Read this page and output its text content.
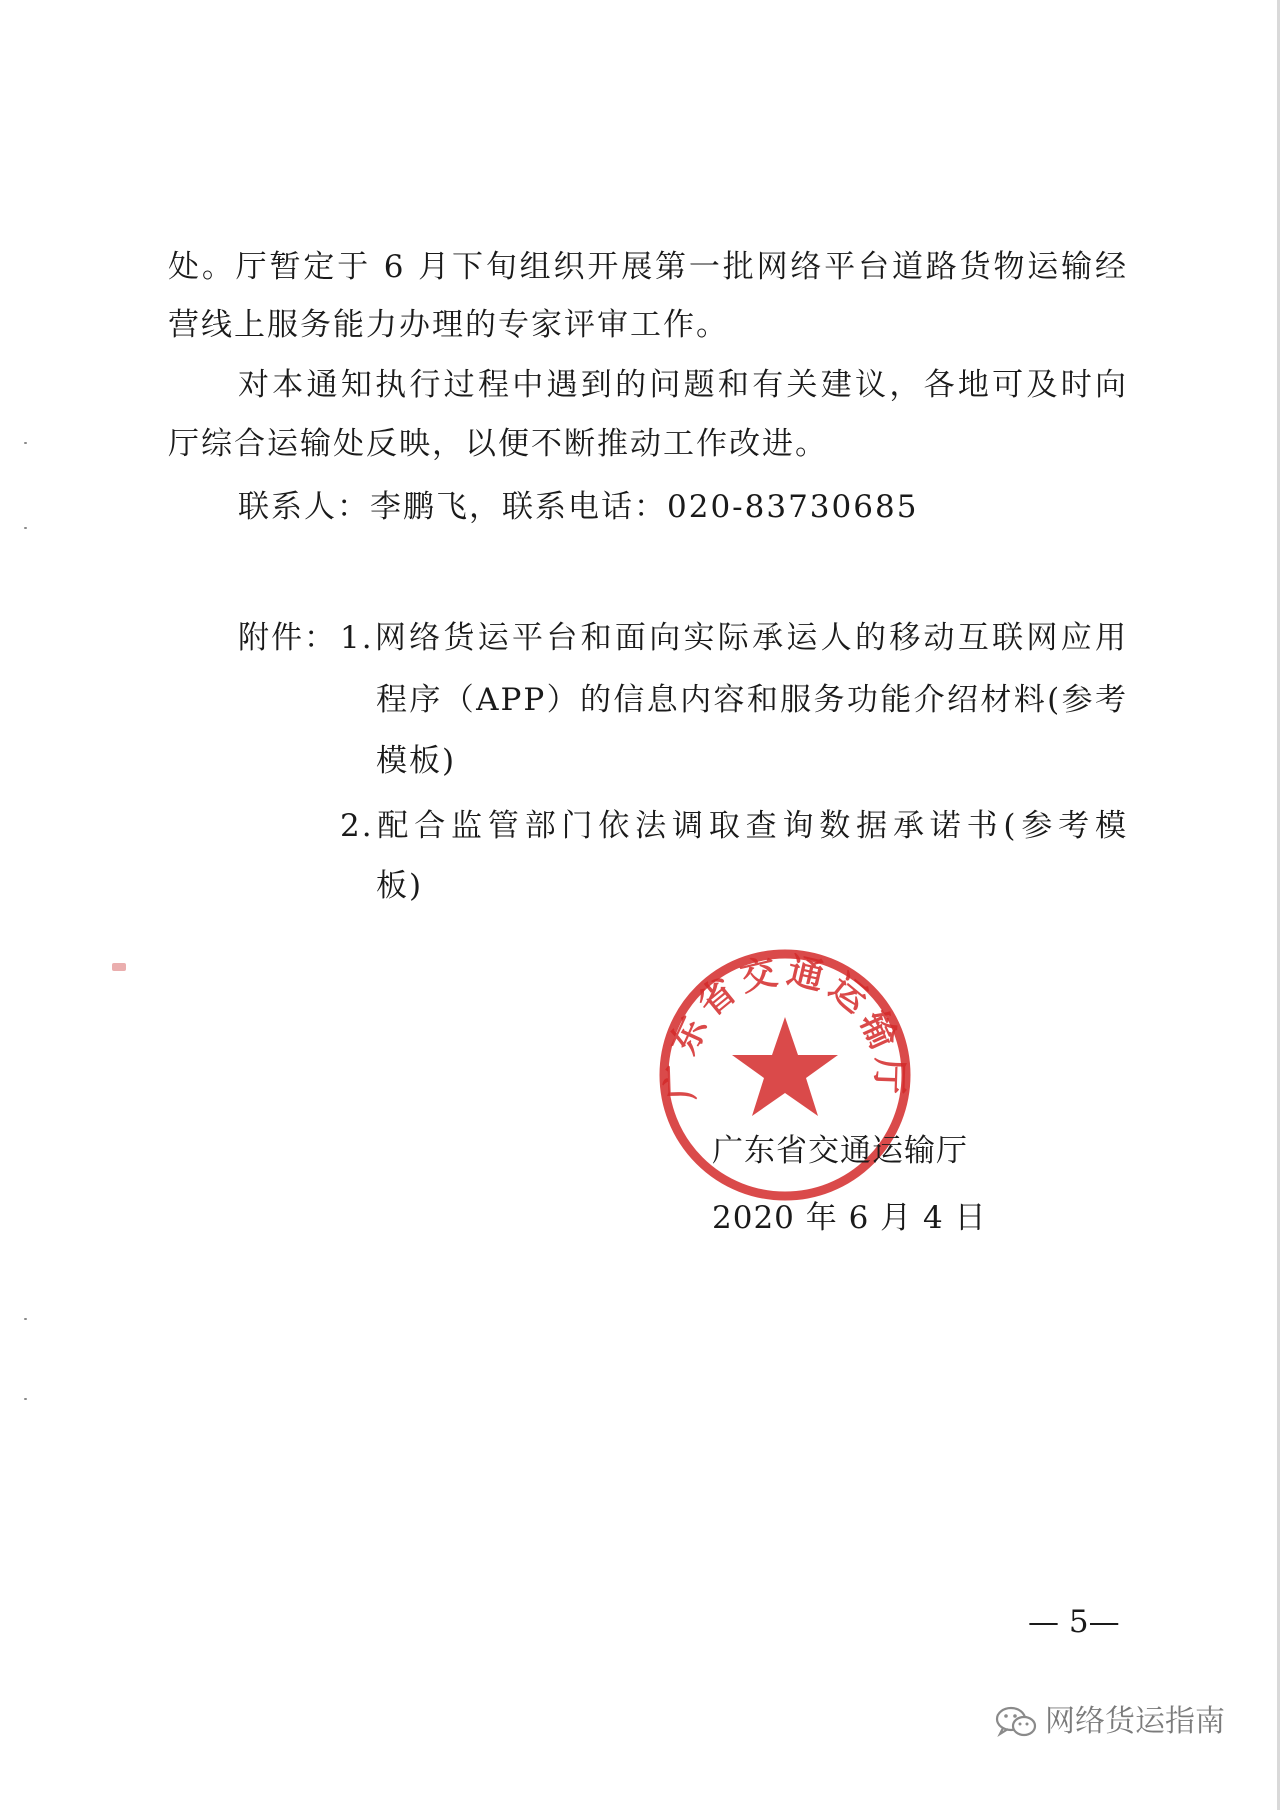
处。厅暂定于 6 月下旬组织开展第一批网络平台道路货物运输经
营线上服务能力办理的专家评审工作。
对本通知执行过程中遇到的问题和有关建议，各地可及时向
厅综合运输处反映，以便不断推动工作改进。
联系人：李鹏飞，联系电话：020-83730685
附件： 1.网络货运平台和面向实际承运人的移动互联网应用
程序（APP）的信息内容和服务功能介绍材料(参考
模板)
2.配合监管部门依法调取查询数据承诺书(参考模
板)
广东省交通运输厅
广东省交通运输厅
2020 年 6 月 4 日
— 5—
网络货运指南
